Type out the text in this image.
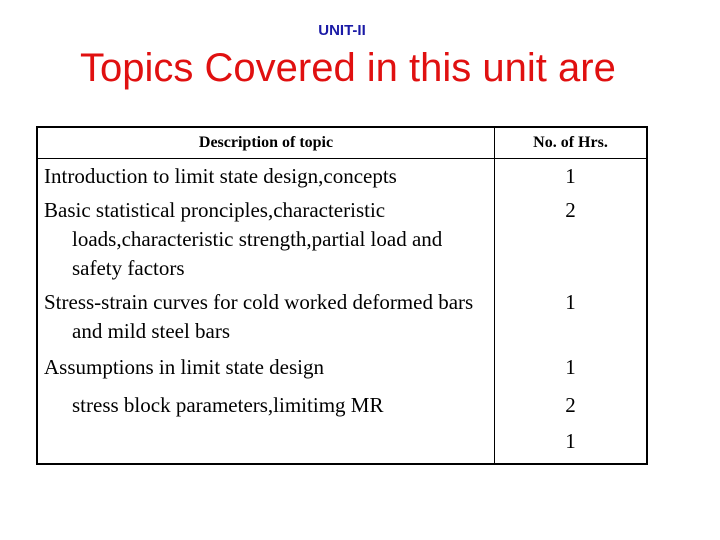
UNIT-II
Topics Covered in this unit are
Description of topic	No. of Hrs.

Introduction to limit state design,concepts	1

Basic statistical pronciples,characteristic loads,characteristic strength,partial load and safety factors	2

Stress-strain curves for cold worked deformed bars and mild steel bars	1

Assumptions in limit state design	1

stress block parameters,limitimg MR	2

	1
